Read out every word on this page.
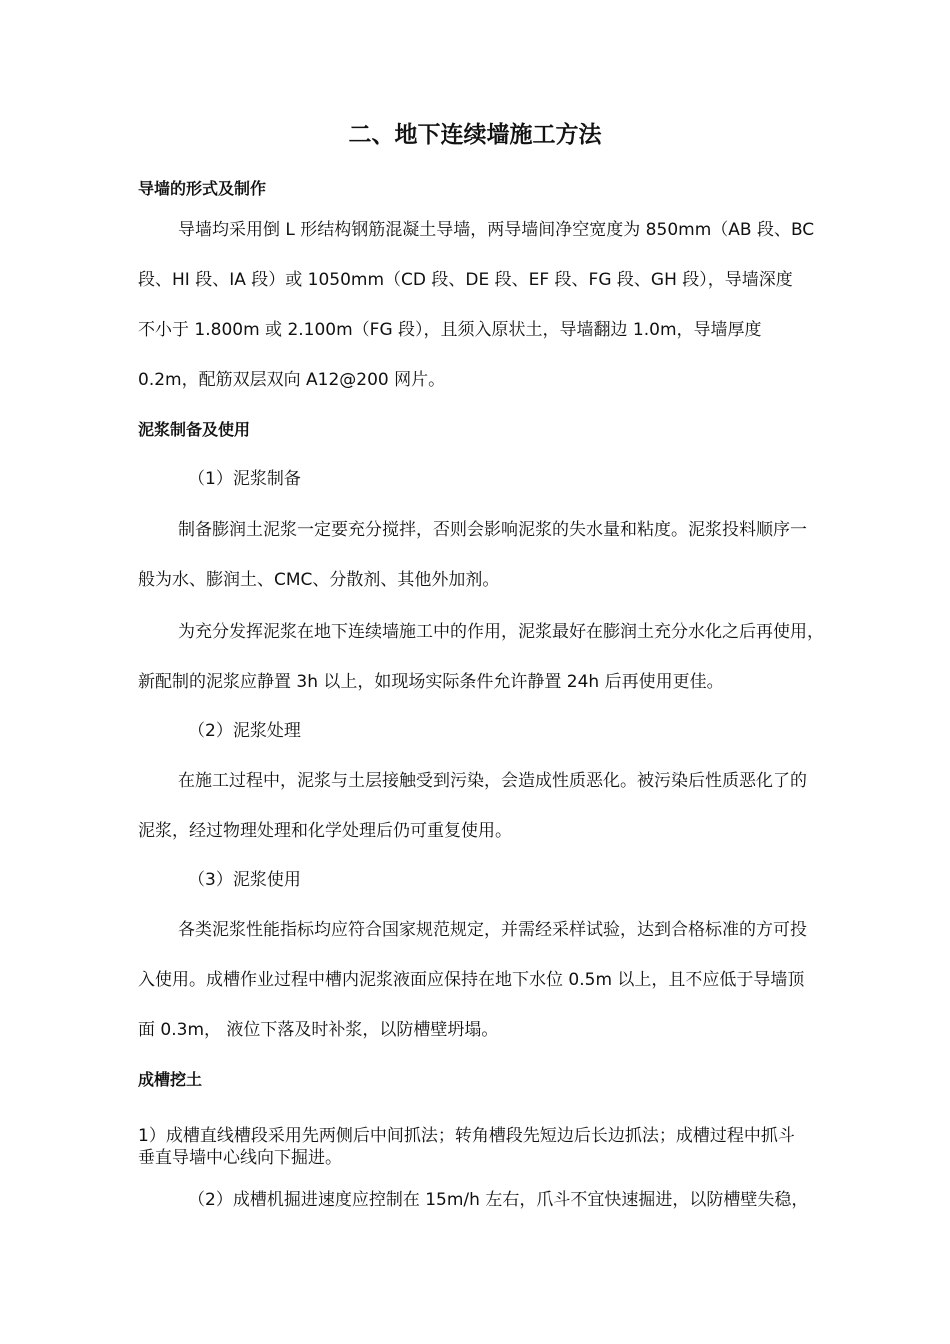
二、地下连续墙施工方法
导墙的形式及制作
导墙均采用倒 L 形结构钢筋混凝土导墙，两导墙间净空宽度为 850mm（AB 段、BC
段、HI 段、IA 段）或 1050mm（CD 段、DE 段、EF 段、FG 段、GH 段），导墙深度
不小于 1.800m 或 2.100m（FG 段），且须入原状土，导墙翻边 1.0m，导墙厚度
0.2m，配筋双层双向 A12@200 网片。
泥浆制备及使用
（1）泥浆制备
制备膨润土泥浆一定要充分搅拌，否则会影响泥浆的失水量和粘度。泥浆投料顺序一
般为水、膨润土、CMC、分散剂、其他外加剂。
为充分发挥泥浆在地下连续墙施工中的作用，泥浆最好在膨润土充分水化之后再使用，
新配制的泥浆应静置 3h 以上，如现场实际条件允许静置 24h 后再使用更佳。
（2）泥浆处理
在施工过程中，泥浆与土层接触受到污染，会造成性质恶化。被污染后性质恶化了的
泥浆，经过物理处理和化学处理后仍可重复使用。
（3）泥浆使用
各类泥浆性能指标均应符合国家规范规定，并需经采样试验，达到合格标准的方可投
入使用。成槽作业过程中槽内泥浆液面应保持在地下水位 0.5m 以上，且不应低于导墙顶
面 0.3m， 液位下落及时补浆，以防槽壁坍塌。
成槽挖土
1）成槽直线槽段采用先两侧后中间抓法；转角槽段先短边后长边抓法；成槽过程中抓斗
垂直导墙中心线向下掘进。
（2）成槽机掘进速度应控制在 15m/h 左右，爪斗不宜快速掘进，以防槽壁失稳，
